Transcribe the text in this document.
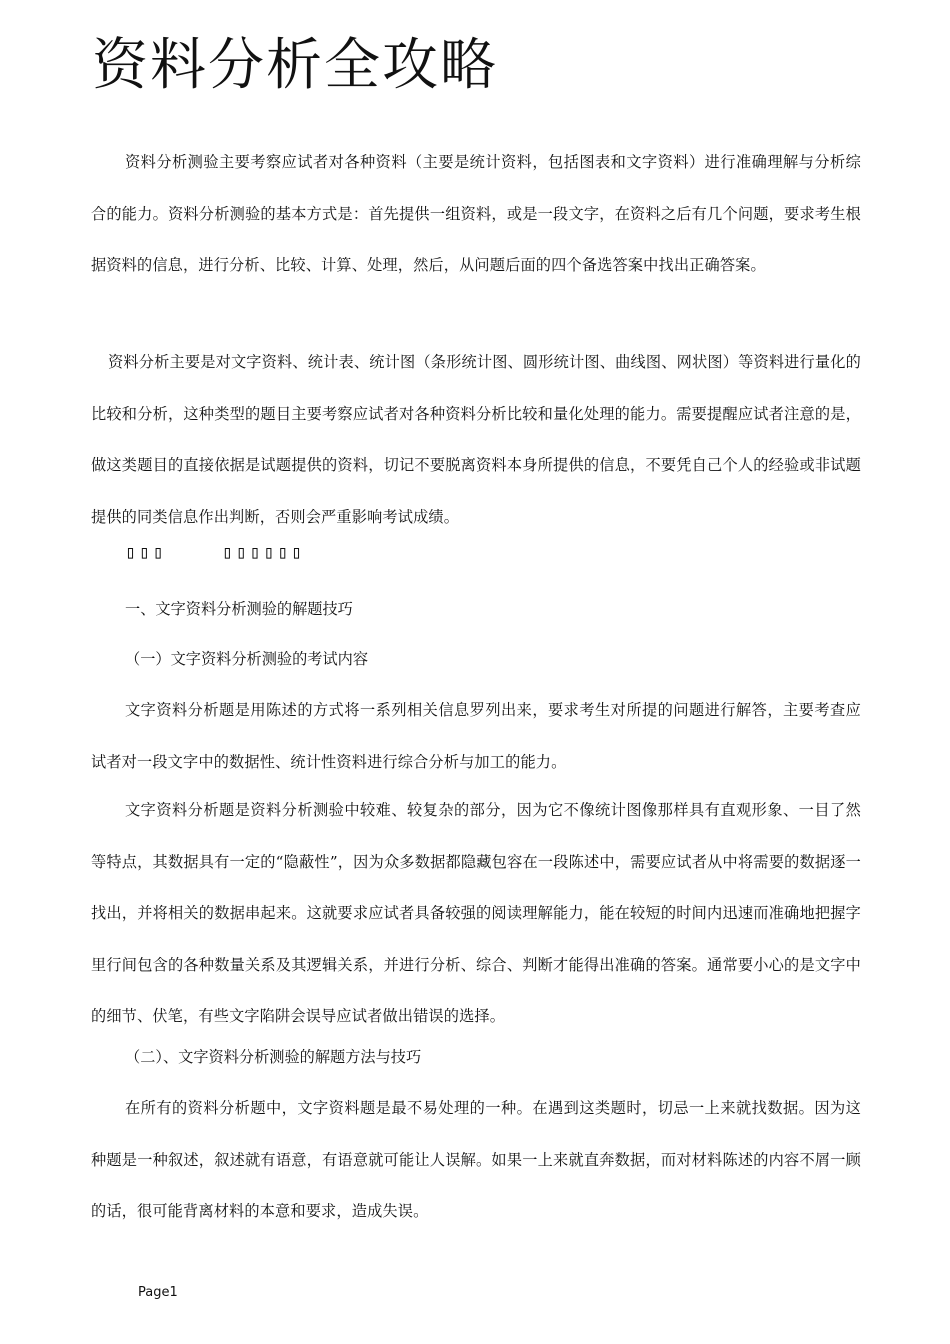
资料分析全攻略

资料分析测验主要考察应试者对各种资料（主要是统计资料，包括图表和文字资料）进行准确理解与分析综合的能力。资料分析测验的基本方式是：首先提供一组资料，或是一段文字，在资料之后有几个问题，要求考生根据资料的信息，进行分析、比较、计算、处理，然后，从问题后面的四个备选答案中找出正确答案。

资料分析主要是对文字资料、统计表、统计图（条形统计图、圆形统计图、曲线图、网状图）等资料进行量化的比较和分析，这种类型的题目主要考察应试者对各种资料分析比较和量化处理的能力。需要提醒应试者注意的是，做这类题目的直接依据是试题提供的资料，切记不要脱离资料本身所提供的信息，不要凭自己个人的经验或非试题提供的同类信息作出判断，否则会严重影响考试成绩。

▯▯▯    ▯▯▯▯▯▯
一、文字资料分析测验的解题技巧
（一）文字资料分析测验的考试内容

文字资料分析题是用陈述的方式将一系列相关信息罗列出来，要求考生对所提的问题进行解答，主要考查应试者对一段文字中的数据性、统计性资料进行综合分析与加工的能力。

文字资料分析题是资料分析测验中较难、较复杂的部分，因为它不像统计图像那样具有直观形象、一目了然等特点，其数据具有一定的“隐蔽性”，因为众多数据都隐藏包容在一段陈述中，需要应试者从中将需要的数据逐一找出，并将相关的数据串起来。这就要求应试者具备较强的阅读理解能力，能在较短的时间内迅速而准确地把握字里行间包含的各种数量关系及其逻辑关系，并进行分析、综合、判断才能得出准确的答案。通常要小心的是文字中的细节、伏笔，有些文字陷阱会误导应试者做出错误的选择。

（二）、文字资料分析测验的解题方法与技巧

在所有的资料分析题中，文字资料题是最不易处理的一种。在遇到这类题时，切忌一上来就找数据。因为这种题是一种叙述，叙述就有语意，有语意就可能让人误解。如果一上来就直奔数据，而对材料陈述的内容不屑一顾的话，很可能背离材料的本意和要求，造成失误。

Page1
